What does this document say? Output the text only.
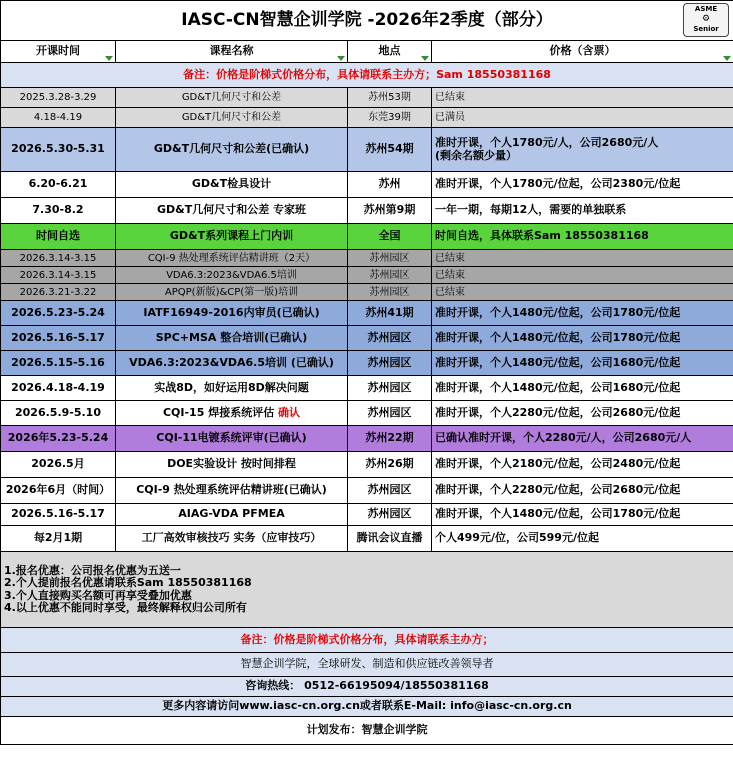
IASC-CN智慧企训学院 -2026年2季度（部分）
ASME
⚙
Senior			

开课时间	课程名称	地点	价格（含票）

备注：价格是阶梯式价格分布，具体请联系主办方；Sam 18550381168			
2025.3.28-3.29	GD&T几何尺寸和公差	苏州53期	已结束
4.18-4.19	GD&T几何尺寸和公差	东莞39期	已满员
2026.5.30-5.31	GD&T几何尺寸和公差(已确认)	苏州54期	准时开课，个人1780元/人，公司2680元/人
(剩余名额少量）

6.20-6.21	GD&T检具设计	苏州	准时开课，个人1780元/位起，公司2380元/位起
7.30-8.2	GD&T几何尺寸和公差 专家班	苏州第9期	一年一期，每期12人，需要的单独联系
时间自选	GD&T系列课程上门内训	全国	时间自选，具体联系Sam 18550381168
2026.3.14-3.15	CQI-9 热处理系统评估精讲班（2天）	苏州园区	已结束
2026.3.14-3.15	VDA6.3:2023&VDA6.5培训	苏州园区	已结束
2026.3.21-3.22	APQP(新版)&CP(第一版)培训	苏州园区	已结束
2026.5.23-5.24	IATF16949-2016内审员(已确认)	苏州41期	准时开课，个人1480元/位起，公司1780元/位起
2026.5.16-5.17	SPC+MSA 整合培训(已确认)	苏州园区	准时开课，个人1480元/位起，公司1780元/位起
2026.5.15-5.16	VDA6.3:2023&VDA6.5培训 (已确认)	苏州园区	准时开课，个人1480元/位起，公司1680元/位起
2026.4.18-4.19	实战8D，如好运用8D解决问题	苏州园区	准时开课，个人1480元/位起，公司1680元/位起
2026.5.9-5.10	CQI-15 焊接系统评估 确认	苏州园区	准时开课，个人2280元/位起，公司2680元/位起
2026年5.23-5.24	CQI-11电镀系统评审(已确认)	苏州22期	已确认准时开课，个人2280元/人，公司2680元/人
2026.5月	DOE实验设计 按时间排程	苏州26期	准时开课，个人2180元/位起，公司2480元/位起
2026年6月（时间）	CQI-9 热处理系统评估精讲班(已确认)	苏州园区	准时开课，个人2280元/位起，公司2680元/位起
2026.5.16-5.17	AIAG-VDA PFMEA	苏州园区	准时开课，个人1480元/位起，公司1780元/位起
每2月1期	工厂高效审核技巧 实务（应审技巧）	腾讯会议直播	个人499元/位，公司599元/位起

1.报名优惠：公司报名优惠为五送一
2.个人提前报名优惠请联系Sam 18550381168
3.个人直接购买名额可再享受叠加优惠
4.以上优惠不能同时享受，最终解释权归公司所有			

备注：价格是阶梯式价格分布，具体请联系主办方；			
智慧企训学院，全球研发、制造和供应链改善领导者			
咨询热线： 0512-66195094/18550381168			
更多内容请访问www.iasc-cn.org.cn或者联系E-Mail: info@iasc-cn.org.cn			
计划发布：智慧企训学院			
